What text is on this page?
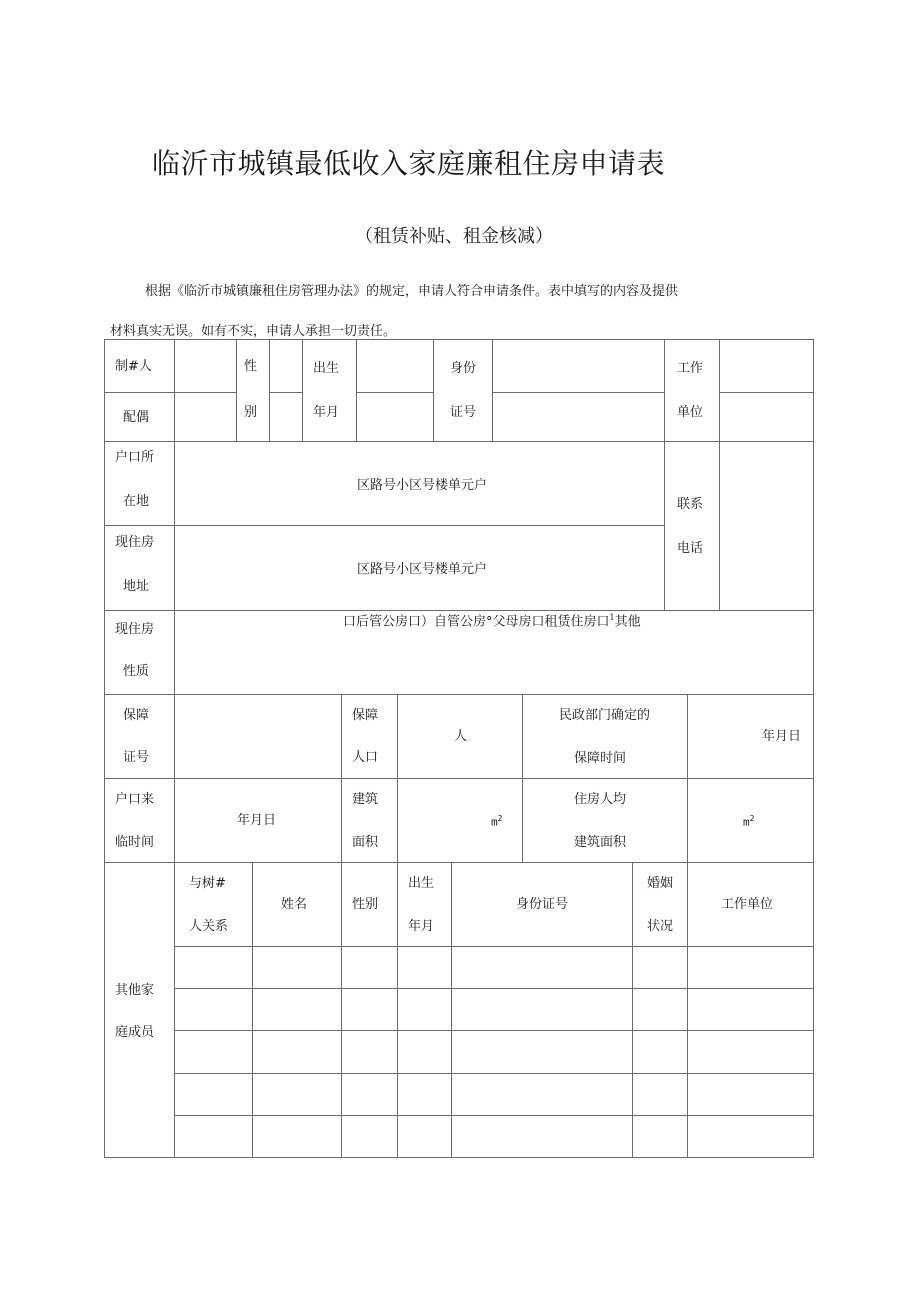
临沂市城镇最低收入家庭廉租住房申请表
（租赁补贴、租金核减）
根据《临沂市城镇廉租住房管理办法》的规定，申请人符合申请条件。表中填写的内容及提供
材料真实无误。如有不实，申请人承担一切责任。
制#人
配偶
性
别
出生
年月
身份
证号
工作
单位
户口所
在地
区路号小区号楼单元户
现住房
地址
区路号小区号楼单元户
联系
电话
现住房
性质
口后管公房口）自管公房°父母房口租赁住房口$^1$其他
保障
证号
保障
人口
人
民政部门确定的
保障时间
年月日
户口来
临时间
年月日
建筑
面积
$m^2$
住房人均
建筑面积
$m^2$
其他家
庭成员
与树#
人关系
姓名	性别
出生
年月
身份证号
婚姻
状况
工作单位
